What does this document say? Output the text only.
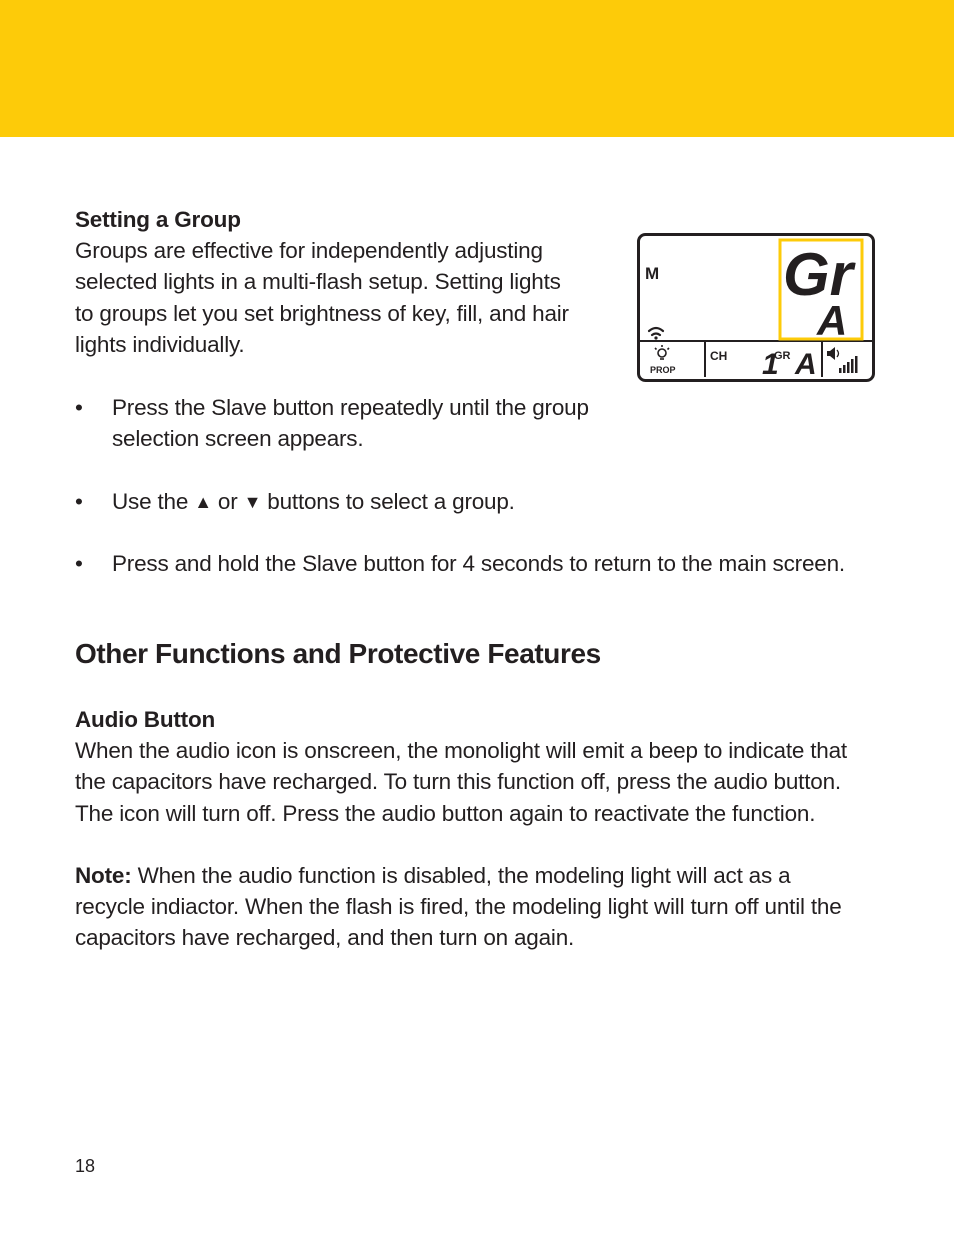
Setting a Group
Groups are effective for independently adjusting
selected lights in a multi-flash setup. Setting lights
to groups let you set brightness of key, fill, and hair
lights individually.
• Press the Slave button repeatedly until the group
selection screen appears.
• Use the ▲ or ▼ buttons to select a group.
• Press and hold the Slave button for 4 seconds to return to the main screen.
M
PROP
CH 1
GR A
Gr
A
Other Functions and Protective Features
Audio Button
When the audio icon is onscreen, the monolight will emit a beep to indicate that
the capacitors have recharged. To turn this function off, press the audio button.
The icon will turn off. Press the audio button again to reactivate the function.
Note: When the audio function is disabled, the modeling light will act as a
recycle indiactor. When the flash is fired, the modeling light will turn off until the
capacitors have recharged, and then turn on again.
18
